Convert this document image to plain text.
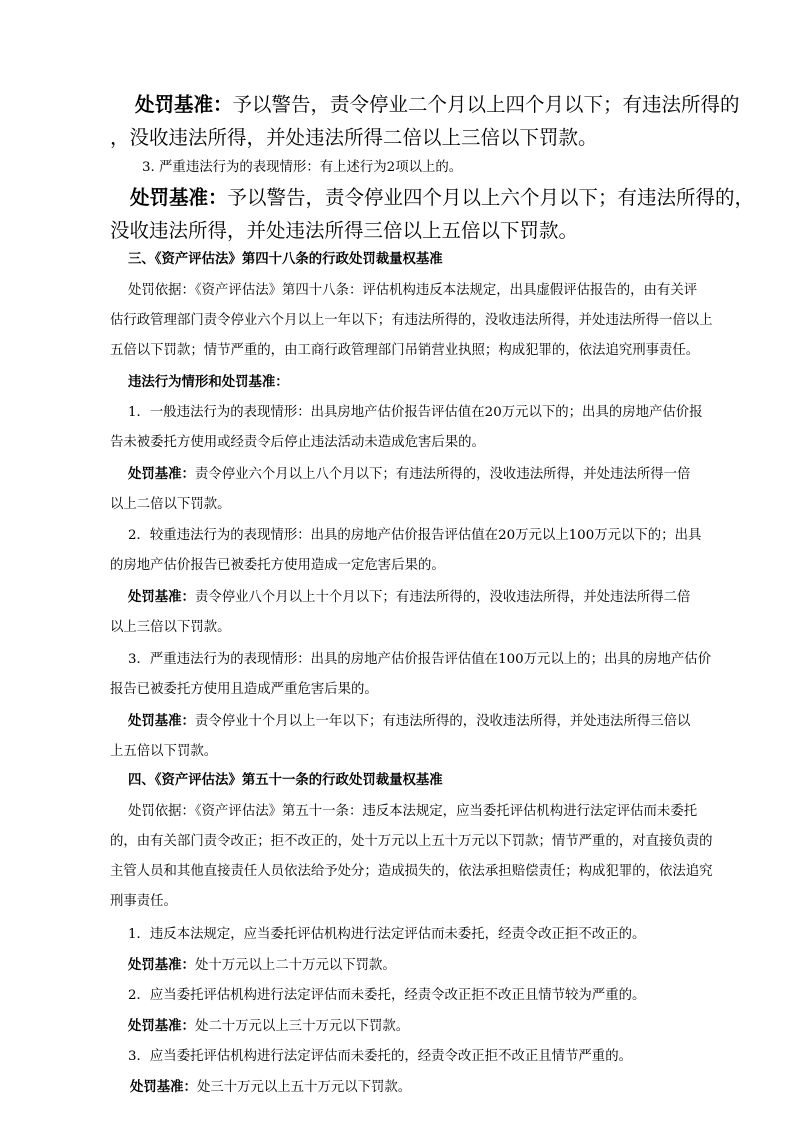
处罚基准：予以警告，责令停业二个月以上四个月以下；有违法所得的
，没收违法所得，并处违法所得二倍以上三倍以下罚款。
3. 严重违法行为的表现情形：有上述行为2项以上的。
处罚基准：予以警告，责令停业四个月以上六个月以下；有违法所得的，
没收违法所得，并处违法所得三倍以上五倍以下罚款。
三、《资产评估法》第四十八条的行政处罚裁量权基准
处罚依据：《资产评估法》第四十八条：评估机构违反本法规定，出具虚假评估报告的，由有关评
估行政管理部门责令停业六个月以上一年以下；有违法所得的，没收违法所得，并处违法所得一倍以上
五倍以下罚款；情节严重的，由工商行政管理部门吊销营业执照；构成犯罪的，依法追究刑事责任。
违法行为情形和处罚基准：
1．一般违法行为的表现情形：出具房地产估价报告评估值在20万元以下的；出具的房地产估价报
告未被委托方使用或经责令后停止违法活动未造成危害后果的。
处罚基准：责令停业六个月以上八个月以下；有违法所得的，没收违法所得，并处违法所得一倍
以上二倍以下罚款。
2．较重违法行为的表现情形：出具的房地产估价报告评估值在20万元以上100万元以下的；出具
的房地产估价报告已被委托方使用造成一定危害后果的。
处罚基准：责令停业八个月以上十个月以下；有违法所得的，没收违法所得，并处违法所得二倍
以上三倍以下罚款。
3．严重违法行为的表现情形：出具的房地产估价报告评估值在100万元以上的；出具的房地产估价
报告已被委托方使用且造成严重危害后果的。
处罚基准：责令停业十个月以上一年以下；有违法所得的，没收违法所得，并处违法所得三倍以
上五倍以下罚款。
四、《资产评估法》第五十一条的行政处罚裁量权基准
处罚依据：《资产评估法》第五十一条：违反本法规定，应当委托评估机构进行法定评估而未委托
的，由有关部门责令改正；拒不改正的，处十万元以上五十万元以下罚款；情节严重的，对直接负责的
主管人员和其他直接责任人员依法给予处分；造成损失的，依法承担赔偿责任；构成犯罪的，依法追究
刑事责任。
1．违反本法规定，应当委托评估机构进行法定评估而未委托，经责令改正拒不改正的。
处罚基准：处十万元以上二十万元以下罚款。
2．应当委托评估机构进行法定评估而未委托，经责令改正拒不改正且情节较为严重的。
处罚基准：处二十万元以上三十万元以下罚款。
3．应当委托评估机构进行法定评估而未委托的，经责令改正拒不改正且情节严重的。
处罚基准：处三十万元以上五十万元以下罚款。
